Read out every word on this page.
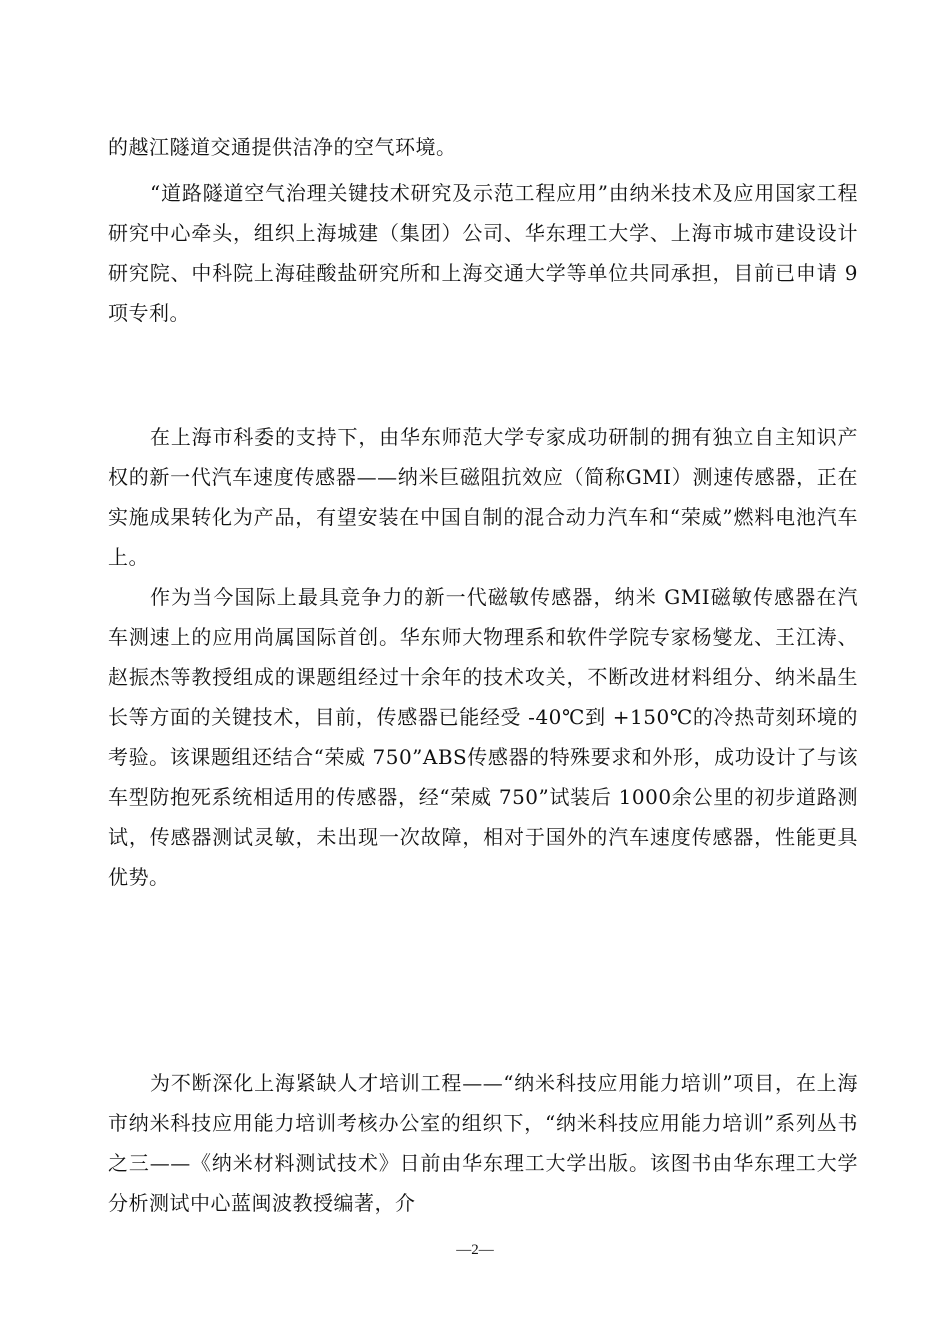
的越江隧道交通提供洁净的空气环境。

“道路隧道空气治理关键技术研究及示范工程应用”由纳米技术及应用国家工程研究中心牵头，组织上海城建（集团）公司、华东理工大学、上海市城市建设设计研究院、中科院上海硅酸盐研究所和上海交通大学等单位共同承担，目前已申请 9项专利。

在上海市科委的支持下，由华东师范大学专家成功研制的拥有独立自主知识产权的新一代汽车速度传感器——纳米巨磁阻抗效应（简称GMI）测速传感器，正在实施成果转化为产品，有望安装在中国自制的混合动力汽车和“荣威”燃料电池汽车上。

作为当今国际上最具竞争力的新一代磁敏传感器，纳米 GMI磁敏传感器在汽车测速上的应用尚属国际首创。华东师大物理系和软件学院专家杨燮龙、王江涛、赵振杰等教授组成的课题组经过十余年的技术攻关，不断改进材料组分、纳米晶生长等方面的关键技术，目前，传感器已能经受 -40℃到 +150℃的冷热苛刻环境的考验。该课题组还结合“荣威 750”ABS传感器的特殊要求和外形，成功设计了与该车型防抱死系统相适用的传感器，经“荣威 750”试装后 1000余公里的初步道路测试，传感器测试灵敏，未出现一次故障，相对于国外的汽车速度传感器，性能更具优势。

为不断深化上海紧缺人才培训工程——“纳米科技应用能力培训”项目，在上海市纳米科技应用能力培训考核办公室的组织下，“纳米科技应用能力培训”系列丛书之三——《纳米材料测试技术》日前由华东理工大学出版。该图书由华东理工大学分析测试中心蓝闽波教授编著，介

—2—
